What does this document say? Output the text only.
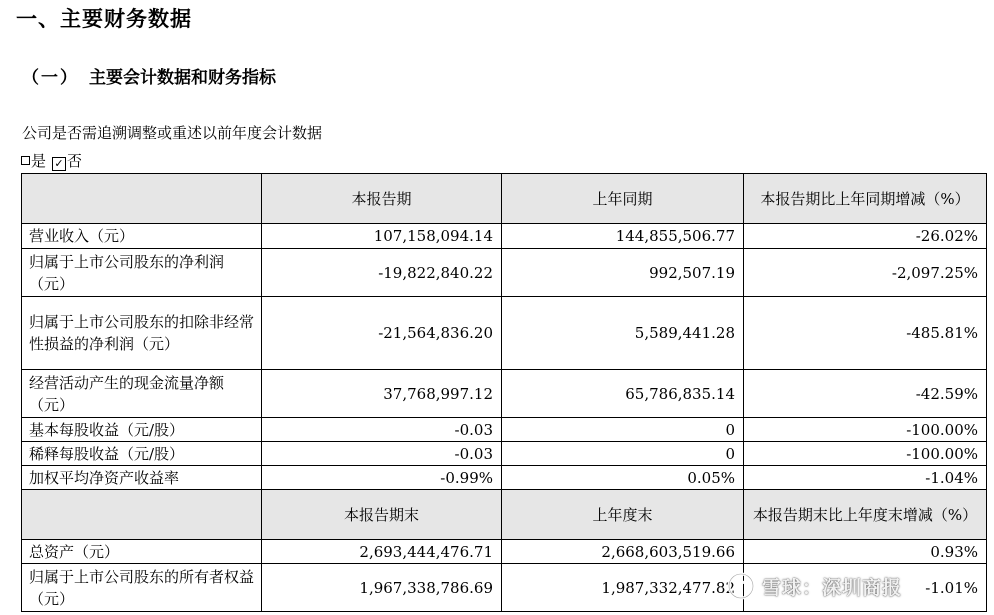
一、主要财务数据
（一） 主要会计数据和财务指标
公司是否需追溯调整或重述以前年度会计数据
是 ✓ 否
	本报告期	上年同期	本报告期比上年同期增减（%）
营业收入（元）	107,158,094.14	144,855,506.77	-26.02%
归属于上市公司股东的净利润（元）	-19,822,840.22	992,507.19	-2,097.25%
归属于上市公司股东的扣除非经常性损益的净利润（元）	-21,564,836.20	5,589,441.28	-485.81%
经营活动产生的现金流量净额（元）	37,768,997.12	65,786,835.14	-42.59%
基本每股收益（元/股）	-0.03	0	-100.00%
稀释每股收益（元/股）	-0.03	0	-100.00%
加权平均净资产收益率	-0.99%	0.05%	-1.04%
	本报告期末	上年度末	本报告期末比上年度末增减（%）
总资产（元）	2,693,444,476.71	2,668,603,519.66	0.93%
归属于上市公司股东的所有者权益（元）	1,967,338,786.69	1,987,332,477.82	-1.01%
雪球：深圳商报
